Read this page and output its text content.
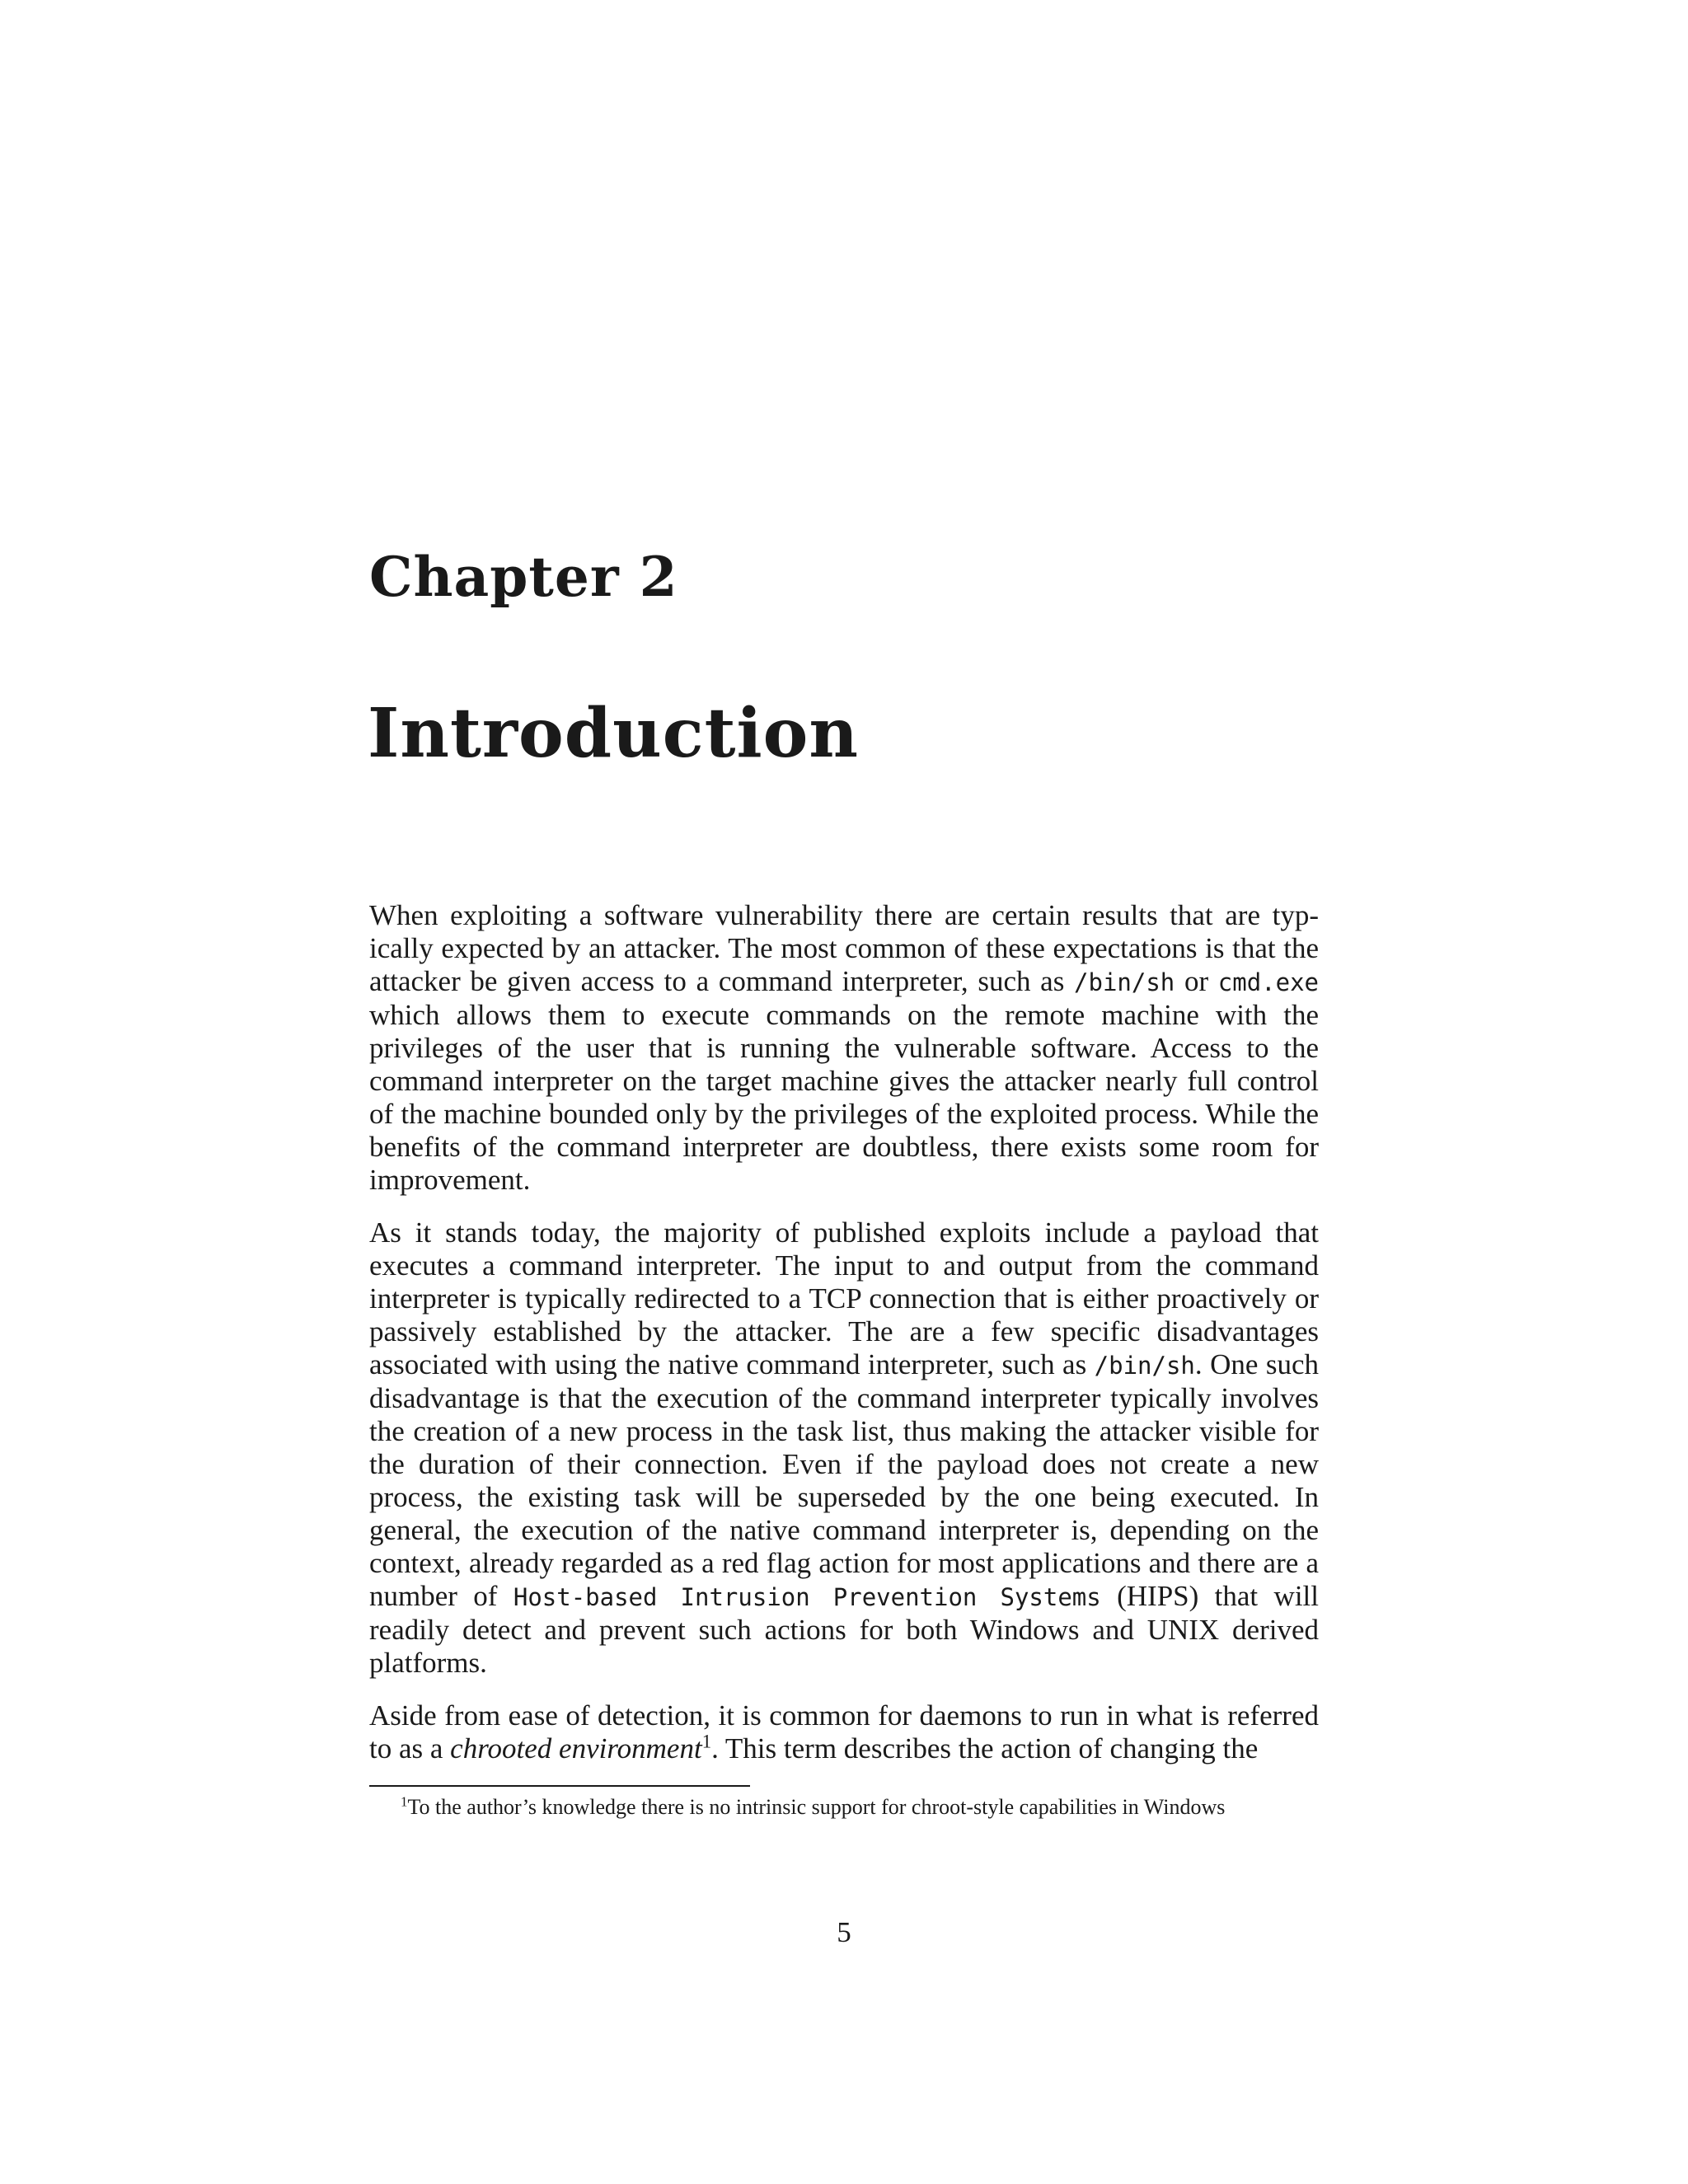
Chapter 2
Introduction

When exploiting a software vulnerability there are certain results that are typically expected by an attacker. The most common of these expectations is that the attacker be given access to a command interpreter, such as /bin/sh or cmd.exe which allows them to execute commands on the remote machine with the privileges of the user that is running the vulnerable software. Access to the command interpreter on the target machine gives the attacker nearly full control of the machine bounded only by the privileges of the exploited process. While the benefits of the command interpreter are doubtless, there exists some room for improvement.

As it stands today, the majority of published exploits include a payload that executes a command interpreter. The input to and output from the command interpreter is typically redirected to a TCP connection that is either proactively or passively established by the attacker. The are a few specific disadvantages associated with using the native command interpreter, such as /bin/sh. One such disadvantage is that the execution of the command interpreter typically involves the creation of a new process in the task list, thus making the attacker visible for the duration of their connection. Even if the payload does not create a new process, the existing task will be superseded by the one being executed. In general, the execution of the native command interpreter is, depending on the context, already regarded as a red flag action for most applications and there are a number of Host-based Intrusion Prevention Systems (HIPS) that will readily detect and prevent such actions for both Windows and UNIX derived platforms.

Aside from ease of detection, it is common for daemons to run in what is referred to as a chrooted environment$^1$. This term describes the action of changing the

$^1$To the author’s knowledge there is no intrinsic support for chroot-style capabilities in Windows

5
